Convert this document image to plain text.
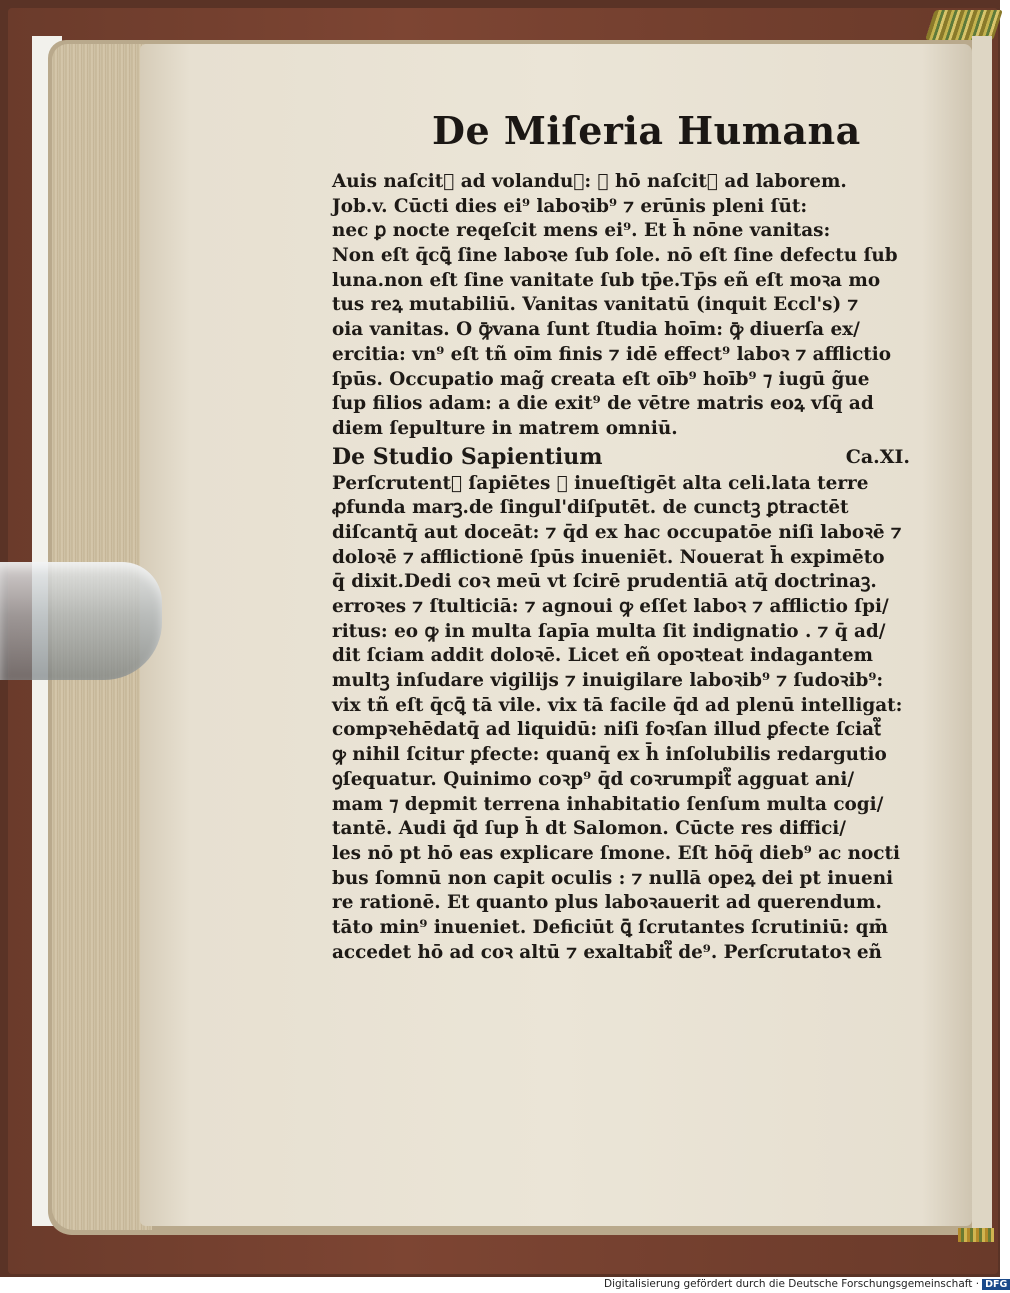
De Miſeria Humana
Auis naſcit᷑ ad volanduꝫ: ⁊ hō naſcit᷑ ad laborem.
Job.v. Cūcti dies ei⁹ laboꝛib⁹ ⁊ erūnis pleni ſūt:
nec ꝑ nocte reqeſcit mens ei⁹. Et h̄ nōne vanitas:
Non eſt q̄cꝗ̄ ſine laboꝛe ſub ſole. nō eſt ſine defectu ſub
luna.non eſt ſine vanitate ſub tp̄e.Tp̄s eñ eſt moꝛa mo
tus reꝝ mutabiliū. Vanitas vanitatū (inquit Eccl's) ⁊
oia vanitas. O ꝙ̄vana ſunt ſtudia hoīm: ꝙ̄ diuerſa ex/
ercitia: vn⁹ eſt tñ oīm finis ⁊ idē effect⁹ laboꝛ ⁊ afflictio
ſpūs. Occupatio mag̃ creata eſt oīb⁹ hoīb⁹ ⁊ iugū g̃ue
ſup filios adam: a die exit⁹ de vētre matris eoꝝ vſq̄ ad
diem ſepulture in matrem omniū.
De Studio Sapientium	Ca.XI.
Perſcrutent᷑ ſapiētes ⁊ inueſtigēt alta celi.lata terre
ꝓfunda marꝫ.de ſingul'diſputēt. de cunctꝫ ꝑtractēt
diſcantq̄ aut doceāt: ⁊ q̄d ex hac occupatōe niſi laboꝛē ⁊
doloꝛē ⁊ afflictionē ſpūs inueniēt. Nouerat h̄ expimēto
q̄ dixit.Dedi coꝛ meū vt ſcirē prudentiā atq̄ doctrinaꝫ.
erroꝛes ⁊ ſtulticiā: ⁊ agnoui ꝙ eſſet laboꝛ ⁊ afflictio ſpi/
ritus: eo ꝙ in multa ſapīa multa ſit indignatio . ⁊ q̄ ad/
dit ſciam addit doloꝛē. Licet eñ opoꝛteat indagantem
multꝫ inſudare vigilijs ⁊ inuigilare laboꝛib⁹ ⁊ ſudoꝛib⁹:
vix tñ eſt q̄cꝗ̄ tā vile. vix tā facile q̄d ad plenū intelligat:
compꝛehēdatq̄ ad liquidū: niſi foꝛſan illud ꝑfecte ſciat᷑
ꝙ nihil ſcitur ꝑfecte: quanq̄ ex h̄ inſolubilis redargutio
ꝯſequatur. Quinimo coꝛp⁹ q̄d coꝛrumpit᷑ agguat ani/
mam ⁊ depmit terrena inhabitatio ſenſum multa cogi/
tantē. Audi q̄d ſup h̄ dt Salomon. Cūcte res diffici/
les nō pt hō eas explicare ſmone. Eſt hōq̄ dieb⁹ ac nocti
bus ſomnū non capit oculis : ⁊ nullā opeꝝ dei pt inueni
re rationē. Et quanto plus laboꝛauerit ad querendum.
tāto min⁹ inueniet. Deficiūt ꝗ̄ ſcrutantes ſcrutiniū: qm̄
accedet hō ad coꝛ altū ⁊ exaltabit᷑ de⁹. Perſcrutatoꝛ eñ
Digitalisierung gefördert durch die Deutsche Forschungsgemeinschaft · DFG
